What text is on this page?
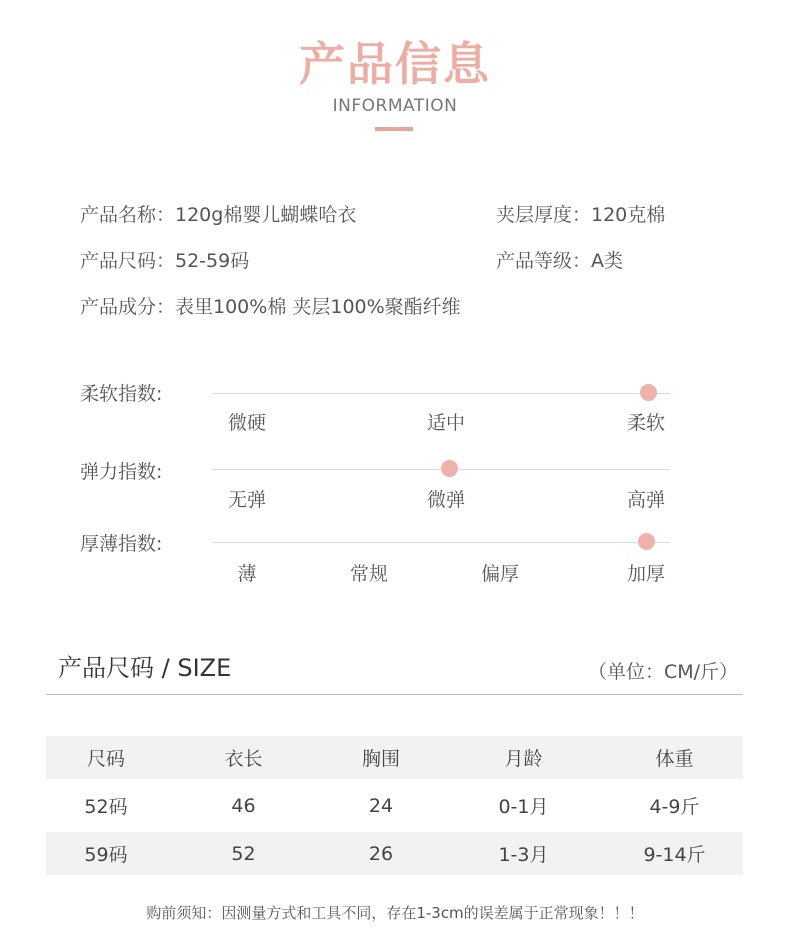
产品信息
INFORMATION
产品名称：120g棉婴儿蝴蝶哈衣	夹层厚度：120克棉
产品尺码：52-59码	产品等级：A类
产品成分：表里100%棉 夹层100%聚酯纤维
柔软指数:
微硬	适中	柔软
弹力指数:
无弹	微弹	高弹
厚薄指数:
薄	常规	偏厚	加厚
产品尺码 / SIZE	（单位：CM/斤）
尺码	衣长	胸围	月龄	体重
52码	46	24	0-1月	4-9斤
59码	52	26	1-3月	9-14斤
购前须知：因测量方式和工具不同，存在1-3cm的误差属于正常现象！！！
